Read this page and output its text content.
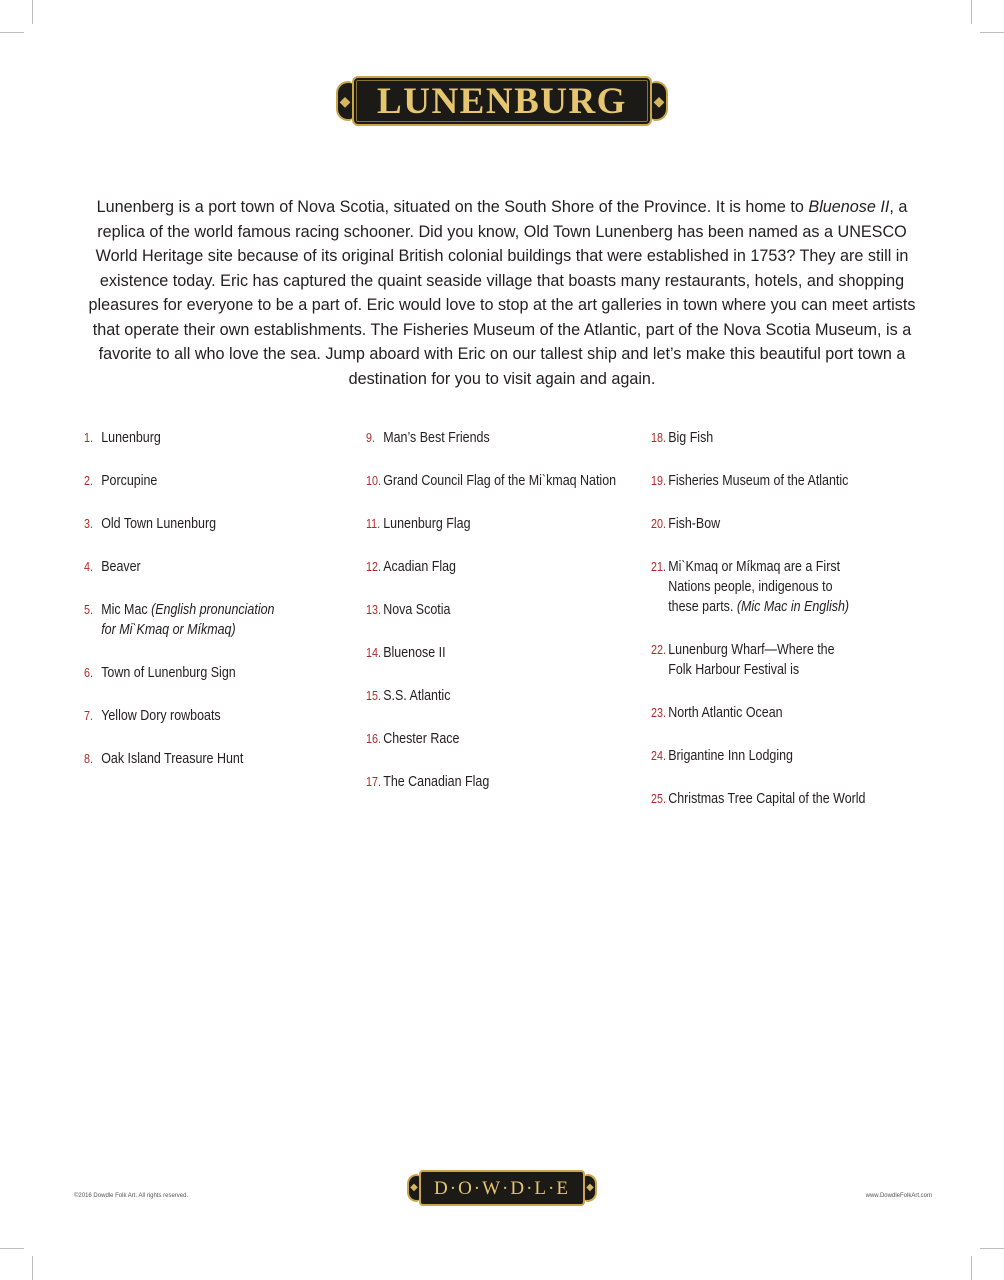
◆ LUNENBURG ◆

Lunenberg is a port town of Nova Scotia, situated on the South Shore of the Province. It is home to Bluenose II, a replica of the world famous racing schooner. Did you know, Old Town Lunenberg has been named as a UNESCO World Heritage site because of its original British colonial buildings that were established in 1753? They are still in existence today. Eric has captured the quaint seaside village that boasts many restaurants, hotels, and shopping pleasures for everyone to be a part of. Eric would love to stop at the art galleries in town where you can meet artists that operate their own establishments. The Fisheries Museum of the Atlantic, part of the Nova Scotia Museum, is a favorite to all who love the sea. Jump aboard with Eric on our tallest ship and let’s make this beautiful port town a destination for you to visit again and again.

1. Lunenburg
2. Porcupine
3. Old Town Lunenburg
4. Beaver
5. Mic Mac (English pronunciation for Mi`Kmaq or Míkmaq)
6. Town of Lunenburg Sign
7. Yellow Dory rowboats
8. Oak Island Treasure Hunt
9. Man’s Best Friends
10. Grand Council Flag of the Mi`kmaq Nation
11. Lunenburg Flag
12. Acadian Flag
13. Nova Scotia
14. Bluenose II
15. S.S. Atlantic
16. Chester Race
17. The Canadian Flag
18. Big Fish
19. Fisheries Museum of the Atlantic
20. Fish-Bow
21. Mi`Kmaq or Míkmaq are a First Nations people, indigenous to these parts. (Mic Mac in English)
22. Lunenburg Wharf—Where the Folk Harbour Festival is
23. North Atlantic Ocean
24. Brigantine Inn Lodging
25. Christmas Tree Capital of the World
©2016 Dowdle Folk Art. All rights reserved.
◆ D·O·W·D·L·E ◆
www.DowdleFolkArt.com
